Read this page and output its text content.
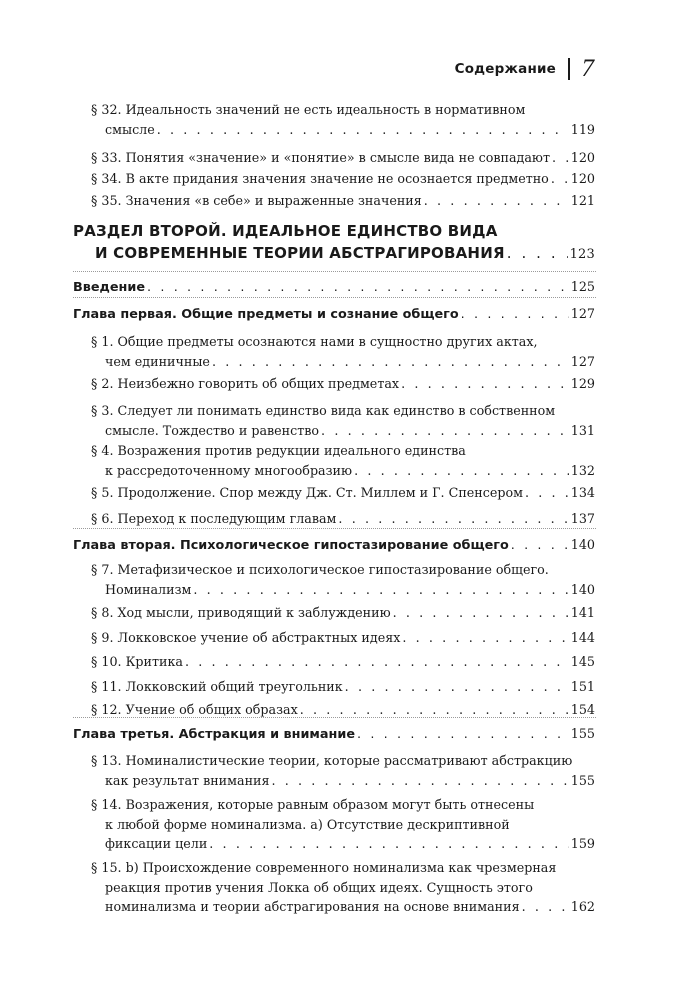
Содержание 7
§ 32. Идеальность значений не есть идеальность в нормативном
смысле . . .	119
§ 33. Понятия «значение» и «понятие» в смысле вида не совпадают . . . 120
§ 34. В акте придания значения значение не осознается предметно . . . 120
§ 35. Значения «в себе» и выраженные значения . . .	121
РАЗДЕЛ ВТОРОЙ. ИДЕАЛЬНОЕ ЕДИНСТВО ВИДА
И СОВРЕМЕННЫЕ ТЕОРИИ АБСТРАГИРОВАНИЯ . . .	123
Введение . . .	125
Глава первая. Общие предметы и сознание общего . . .	127
§ 1. Общие предметы осознаются нами в сущностно других актах,
чем единичные . . .	127
§ 2. Неизбежно говорить об общих предметах . . .	129
§ 3. Следует ли понимать единство вида как единство в собственном
смысле. Тождество и равенство . . .	131
§ 4. Возражения против редукции идеального единства
к рассредоточенному многообразию . . .	132
§ 5. Продолжение. Спор между Дж. Ст. Миллем и Г. Спенсером . . .	134
§ 6. Переход к последующим главам . . .	137
Глава вторая. Психологическое гипостазирование общего . . .	140
§ 7. Метафизическое и психологическое гипостазирование общего.
Номинализм . . .	140
§ 8. Ход мысли, приводящий к заблуждению . . .	141
§ 9. Локковское учение об абстрактных идеях . . .	144
§ 10. Критика . . .	145
§ 11. Локковский общий треугольник . . .	151
§ 12. Учение об общих образах . . .	154
Глава третья. Абстракция и внимание . . .	155
§ 13. Номиналистические теории, которые рассматривают абстракцию
как результат внимания . . .	155
§ 14. Возражения, которые равным образом могут быть отнесены
к любой форме номинализма. а) Отсутствие дескриптивной
фиксации цели . . .	159
§ 15. b) Происхождение современного номинализма как чрезмерная
реакция против учения Локка об общих идеях. Сущность этого
номинализма и теории абстрагирования на основе внимания . . .	162
